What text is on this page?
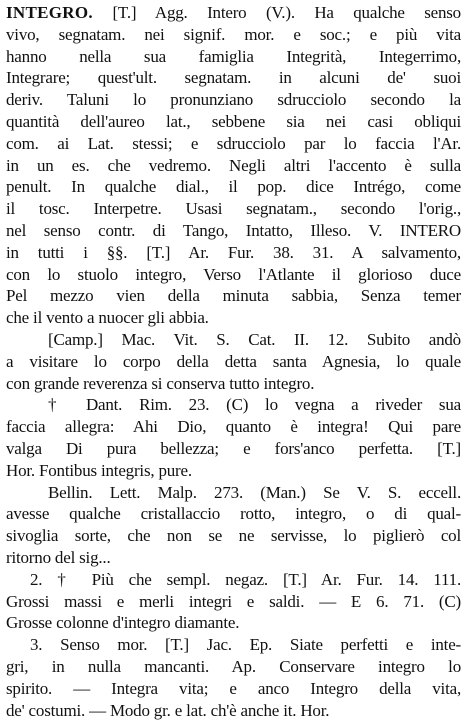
INTEGRO. [T.] Agg. Intero (V.). Ha qualche senso
vivo, segnatam. nei signif. mor. e soc.; e più vita
hanno nella sua famiglia Integrità, Integerrimo,
Integrare; quest'ult. segnatam. in alcuni de' suoi
deriv. Taluni lo pronunziano sdrucciolo secondo la
quantità dell'aureo lat., sebbene sia nei casi obliqui
com. ai Lat. stessi; e sdrucciolo par lo faccia l'Ar.
in un es. che vedremo. Negli altri l'accento è sulla
penult. In qualche dial., il pop. dice Intrégo, come
il tosc. Interpetre. Usasi segnatam., secondo l'orig.,
nel senso contr. di Tango, Intatto, Illeso. V. INTERO
in tutti i §§. [T.] Ar. Fur. 38. 31. A salvamento,
con lo stuolo integro, Verso l'Atlante il glorioso duce
Pel mezzo vien della minuta sabbia, Senza temer
che il vento a nuocer gli abbia.
[Camp.] Mac. Vit. S. Cat. II. 12. Subito andò
a visitare lo corpo della detta santa Agnesia, lo quale
con grande reverenza si conserva tutto integro.
† Dant. Rim. 23. (C) lo vegna a riveder sua
faccia allegra: Ahi Dio, quanto è integra! Qui pare
valga Di pura bellezza; e fors'anco perfetta. [T.]
Hor. Fontibus integris, pure.
Bellin. Lett. Malp. 273. (Man.) Se V. S. eccell.
avesse qualche cristallaccio rotto, integro, o di qual-
sivoglia sorte, che non se ne servisse, lo piglierò col
ritorno del sig...
2. † Più che sempl. negaz. [T.] Ar. Fur. 14. 111.
Grossi massi e merli integri e saldi. — E 6. 71. (C)
Grosse colonne d'integro diamante.
3. Senso mor. [T.] Jac. Ep. Siate perfetti e inte-
gri, in nulla mancanti. Ap. Conservare integro lo
spirito. — Integra vita; e anco Integro della vita,
de' costumi. — Modo gr. e lat. ch'è anche it. Hor.
